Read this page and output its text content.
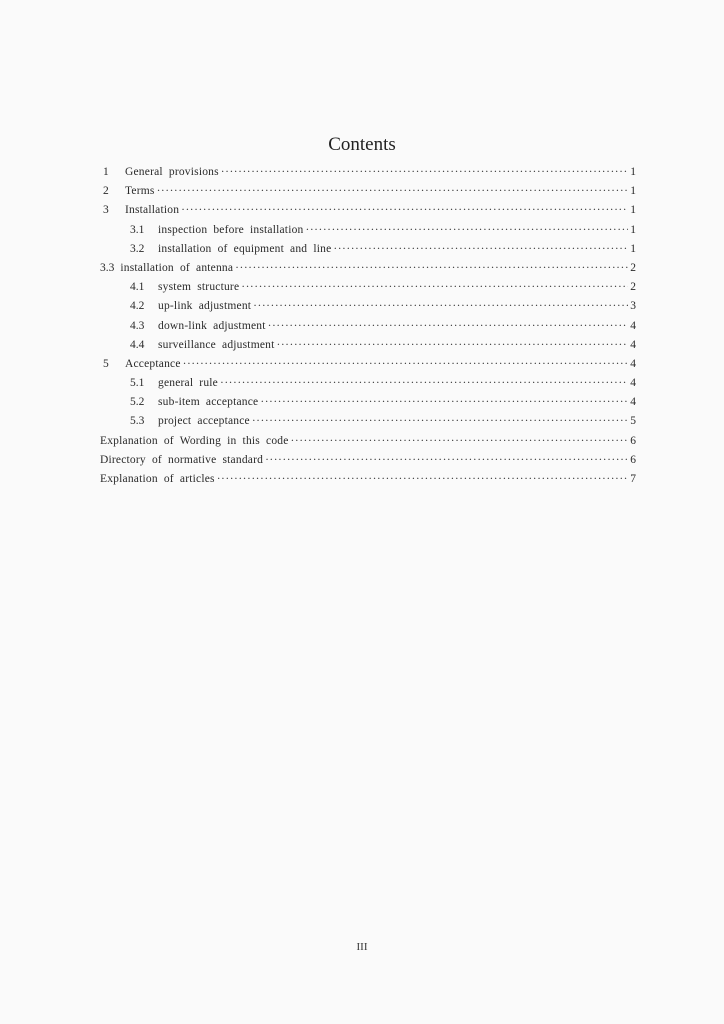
Contents
1	General provisions ·····	1
2	Terms ·····	1
3	Installation ·····	1
3.1	inspection before installation ·····	1
3.2	installation of equipment and line ·····	1
3.3 installation of antenna ·····	2
4.1	system structure ·····	2
4.2	up-link adjustment ·····	3
4.3	down-link adjustment ·····	4
4.4	surveillance adjustment ·····	4
5	Acceptance ·····	4
5.1	general rule ·····	4
5.2	sub-item acceptance ·····	4
5.3	project acceptance ·····	5
Explanation of Wording in this code ·····	6
Directory of normative standard ·····	6
Explanation of articles ·····	7
III
